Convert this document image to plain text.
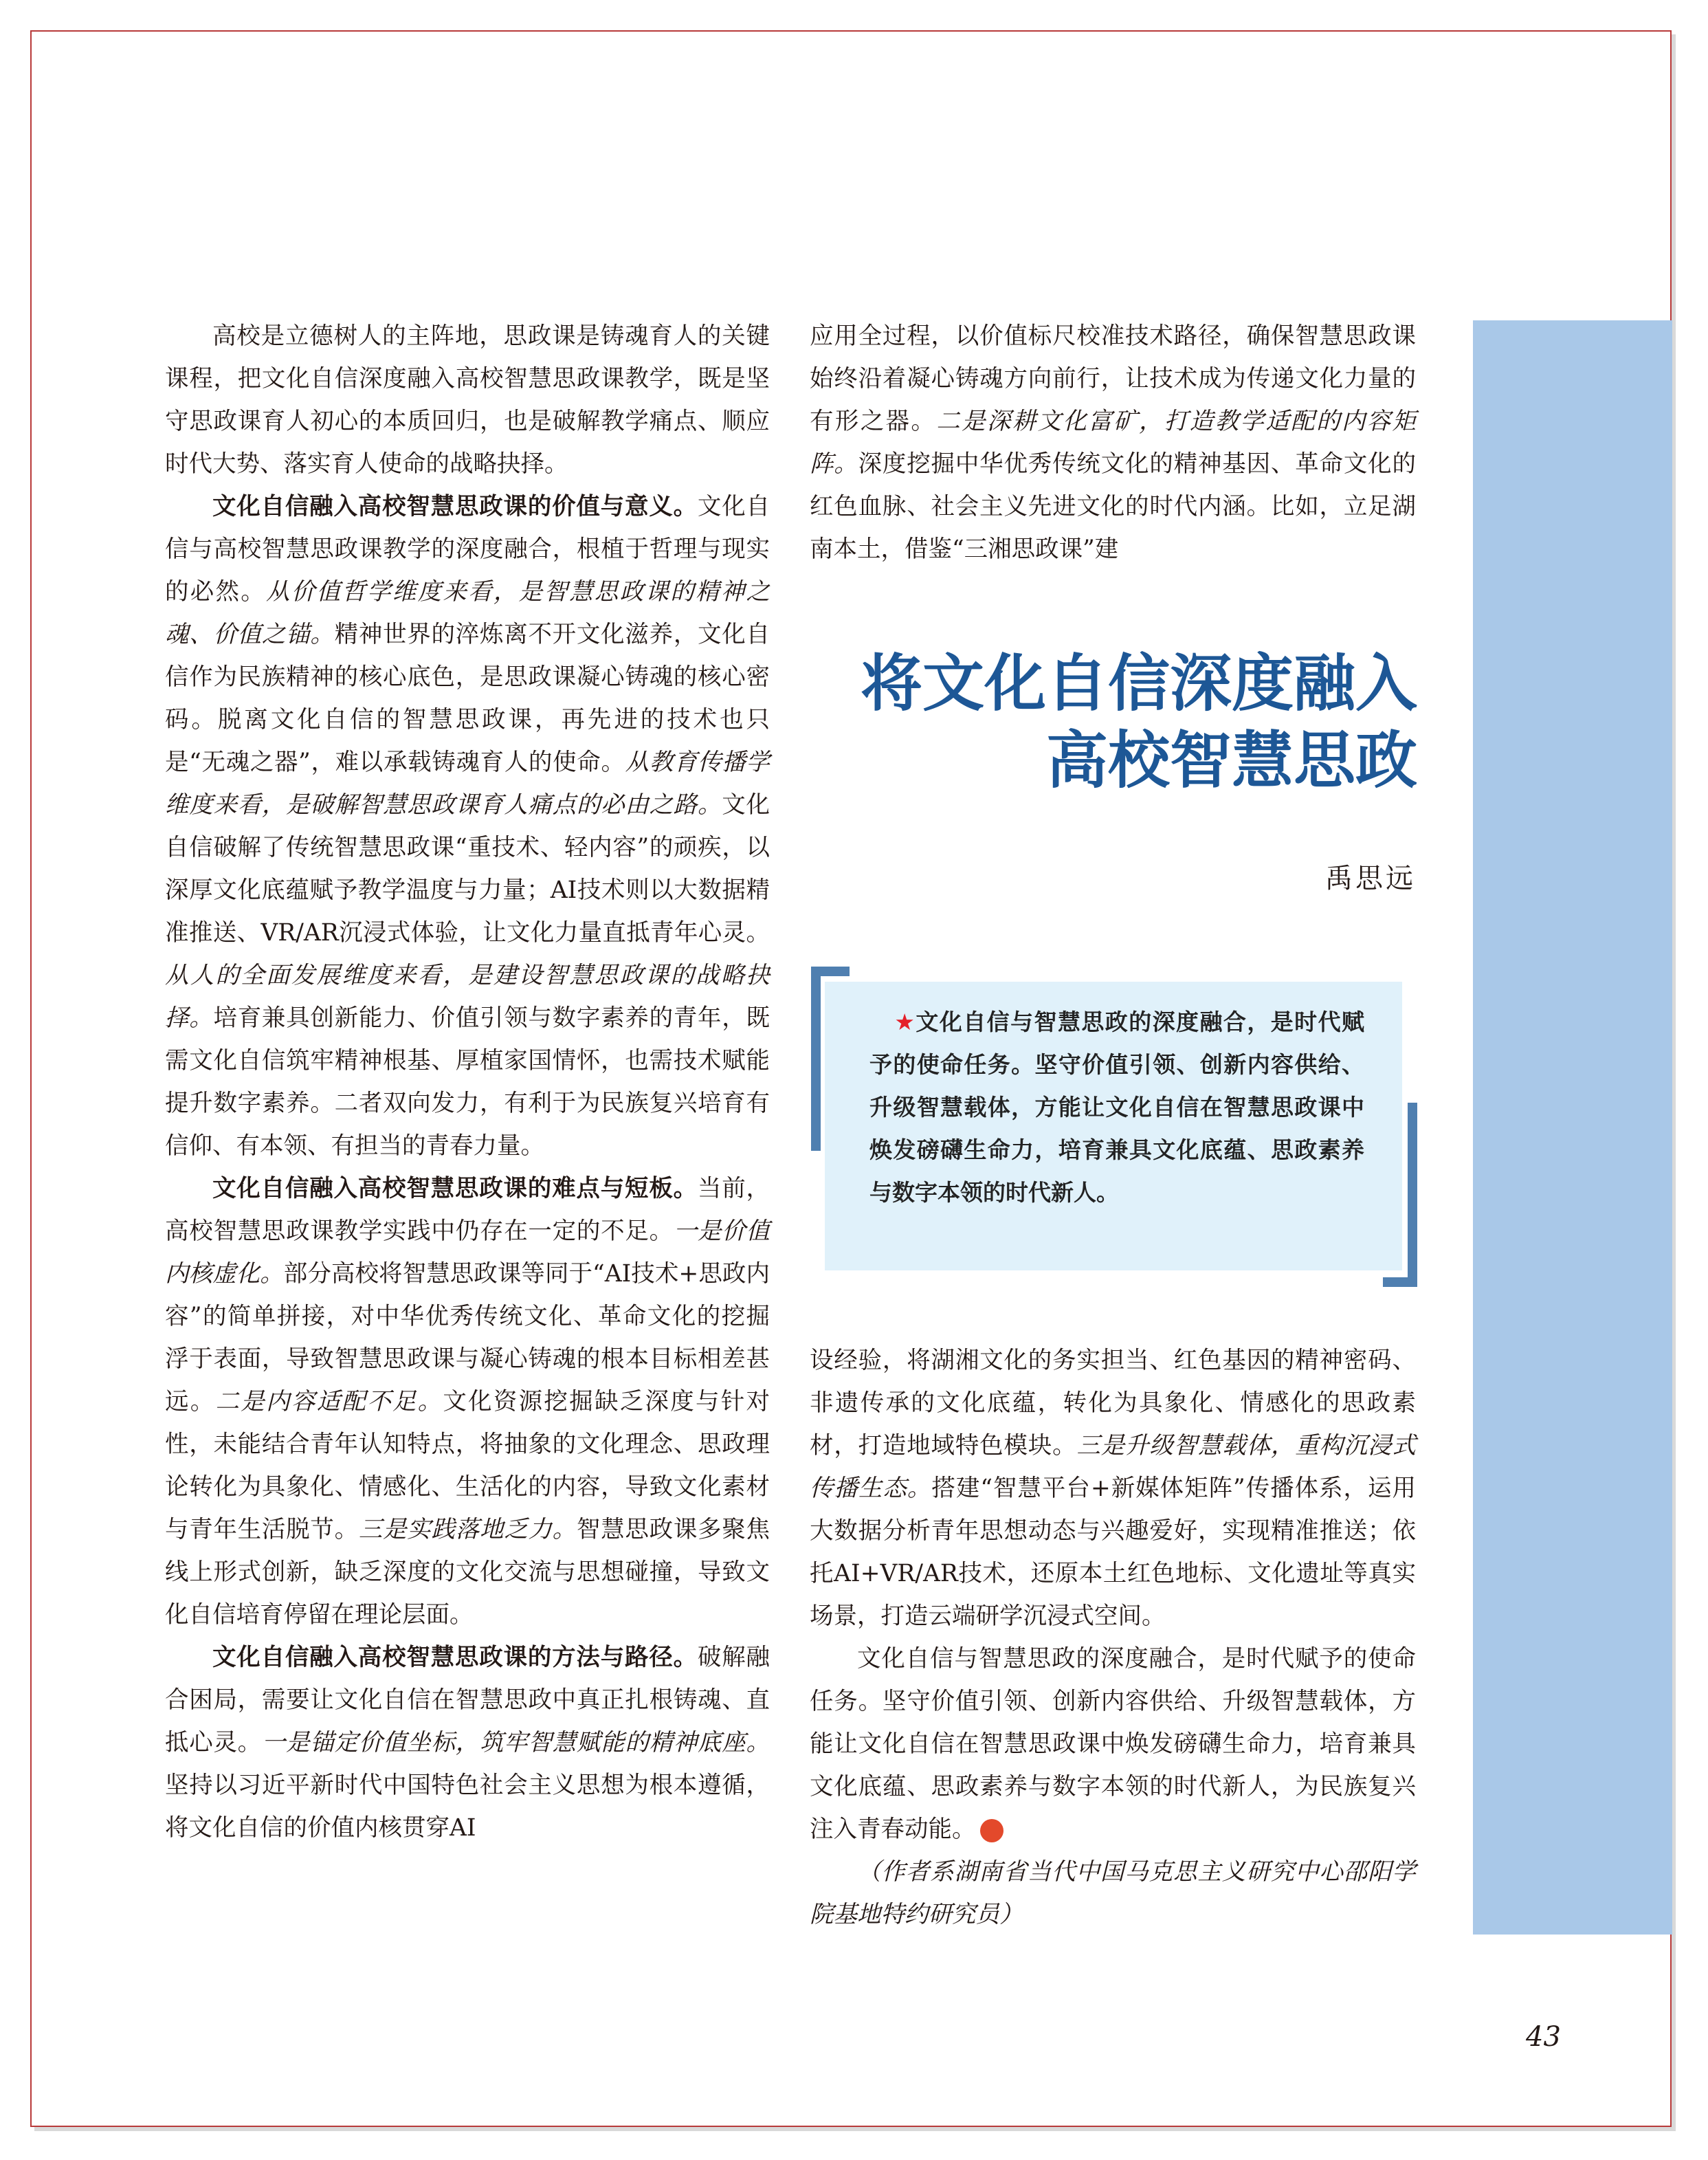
高校是立德树人的主阵地，思政课是铸魂育人的关键课程，把文化自信深度融入高校智慧思政课教学，既是坚守思政课育人初心的本质回归，也是破解教学痛点、顺应时代大势、落实育人使命的战略抉择。

文化自信融入高校智慧思政课的价值与意义。文化自信与高校智慧思政课教学的深度融合，根植于哲理与现实的必然。从价值哲学维度来看，是智慧思政课的精神之魂、价值之锚。精神世界的淬炼离不开文化滋养，文化自信作为民族精神的核心底色，是思政课凝心铸魂的核心密码。脱离文化自信的智慧思政课，再先进的技术也只是“无魂之器”，难以承载铸魂育人的使命。从教育传播学维度来看，是破解智慧思政课育人痛点的必由之路。文化自信破解了传统智慧思政课“重技术、轻内容”的顽疾，以深厚文化底蕴赋予教学温度与力量；AI技术则以大数据精准推送、VR/AR沉浸式体验，让文化力量直抵青年心灵。从人的全面发展维度来看，是建设智慧思政课的战略抉择。培育兼具创新能力、价值引领与数字素养的青年，既需文化自信筑牢精神根基、厚植家国情怀，也需技术赋能提升数字素养。二者双向发力，有利于为民族复兴培育有信仰、有本领、有担当的青春力量。

文化自信融入高校智慧思政课的难点与短板。当前，高校智慧思政课教学实践中仍存在一定的不足。一是价值内核虚化。部分高校将智慧思政课等同于“AI技术+思政内容”的简单拼接，对中华优秀传统文化、革命文化的挖掘浮于表面，导致智慧思政课与凝心铸魂的根本目标相差甚远。二是内容适配不足。文化资源挖掘缺乏深度与针对性，未能结合青年认知特点，将抽象的文化理念、思政理论转化为具象化、情感化、生活化的内容，导致文化素材与青年生活脱节。三是实践落地乏力。智慧思政课多聚焦线上形式创新，缺乏深度的文化交流与思想碰撞，导致文化自信培育停留在理论层面。

文化自信融入高校智慧思政课的方法与路径。破解融合困局，需要让文化自信在智慧思政中真正扎根铸魂、直抵心灵。一是锚定价值坐标，筑牢智慧赋能的精神底座。坚持以习近平新时代中国特色社会主义思想为根本遵循，将文化自信的价值内核贯穿AI

应用全过程，以价值标尺校准技术路径，确保智慧思政课始终沿着凝心铸魂方向前行，让技术成为传递文化力量的有形之器。二是深耕文化富矿，打造教学适配的内容矩阵。深度挖掘中华优秀传统文化的精神基因、革命文化的红色血脉、社会主义先进文化的时代内涵。比如，立足湖南本土，借鉴“三湘思政课”建

将文化自信深度融入
高校智慧思政
禹思远
★文化自信与智慧思政的深度融合，是时代赋予的使命任务。坚守价值引领、创新内容供给、升级智慧载体，方能让文化自信在智慧思政课中焕发磅礴生命力，培育兼具文化底蕴、思政素养与数字本领的时代新人。

设经验，将湖湘文化的务实担当、红色基因的精神密码、非遗传承的文化底蕴，转化为具象化、情感化的思政素材，打造地域特色模块。三是升级智慧载体，重构沉浸式传播生态。搭建“智慧平台+新媒体矩阵”传播体系，运用大数据分析青年思想动态与兴趣爱好，实现精准推送；依托AI+VR/AR技术，还原本土红色地标、文化遗址等真实场景，打造云端研学沉浸式空间。

文化自信与智慧思政的深度融合，是时代赋予的使命任务。坚守价值引领、创新内容供给、升级智慧载体，方能让文化自信在智慧思政课中焕发磅礴生命力，培育兼具文化底蕴、思政素养与数字本领的时代新人，为民族复兴注入青春动能。	舟

（作者系湖南省当代中国马克思主义研究中心邵阳学院基地特约研究员）

43
